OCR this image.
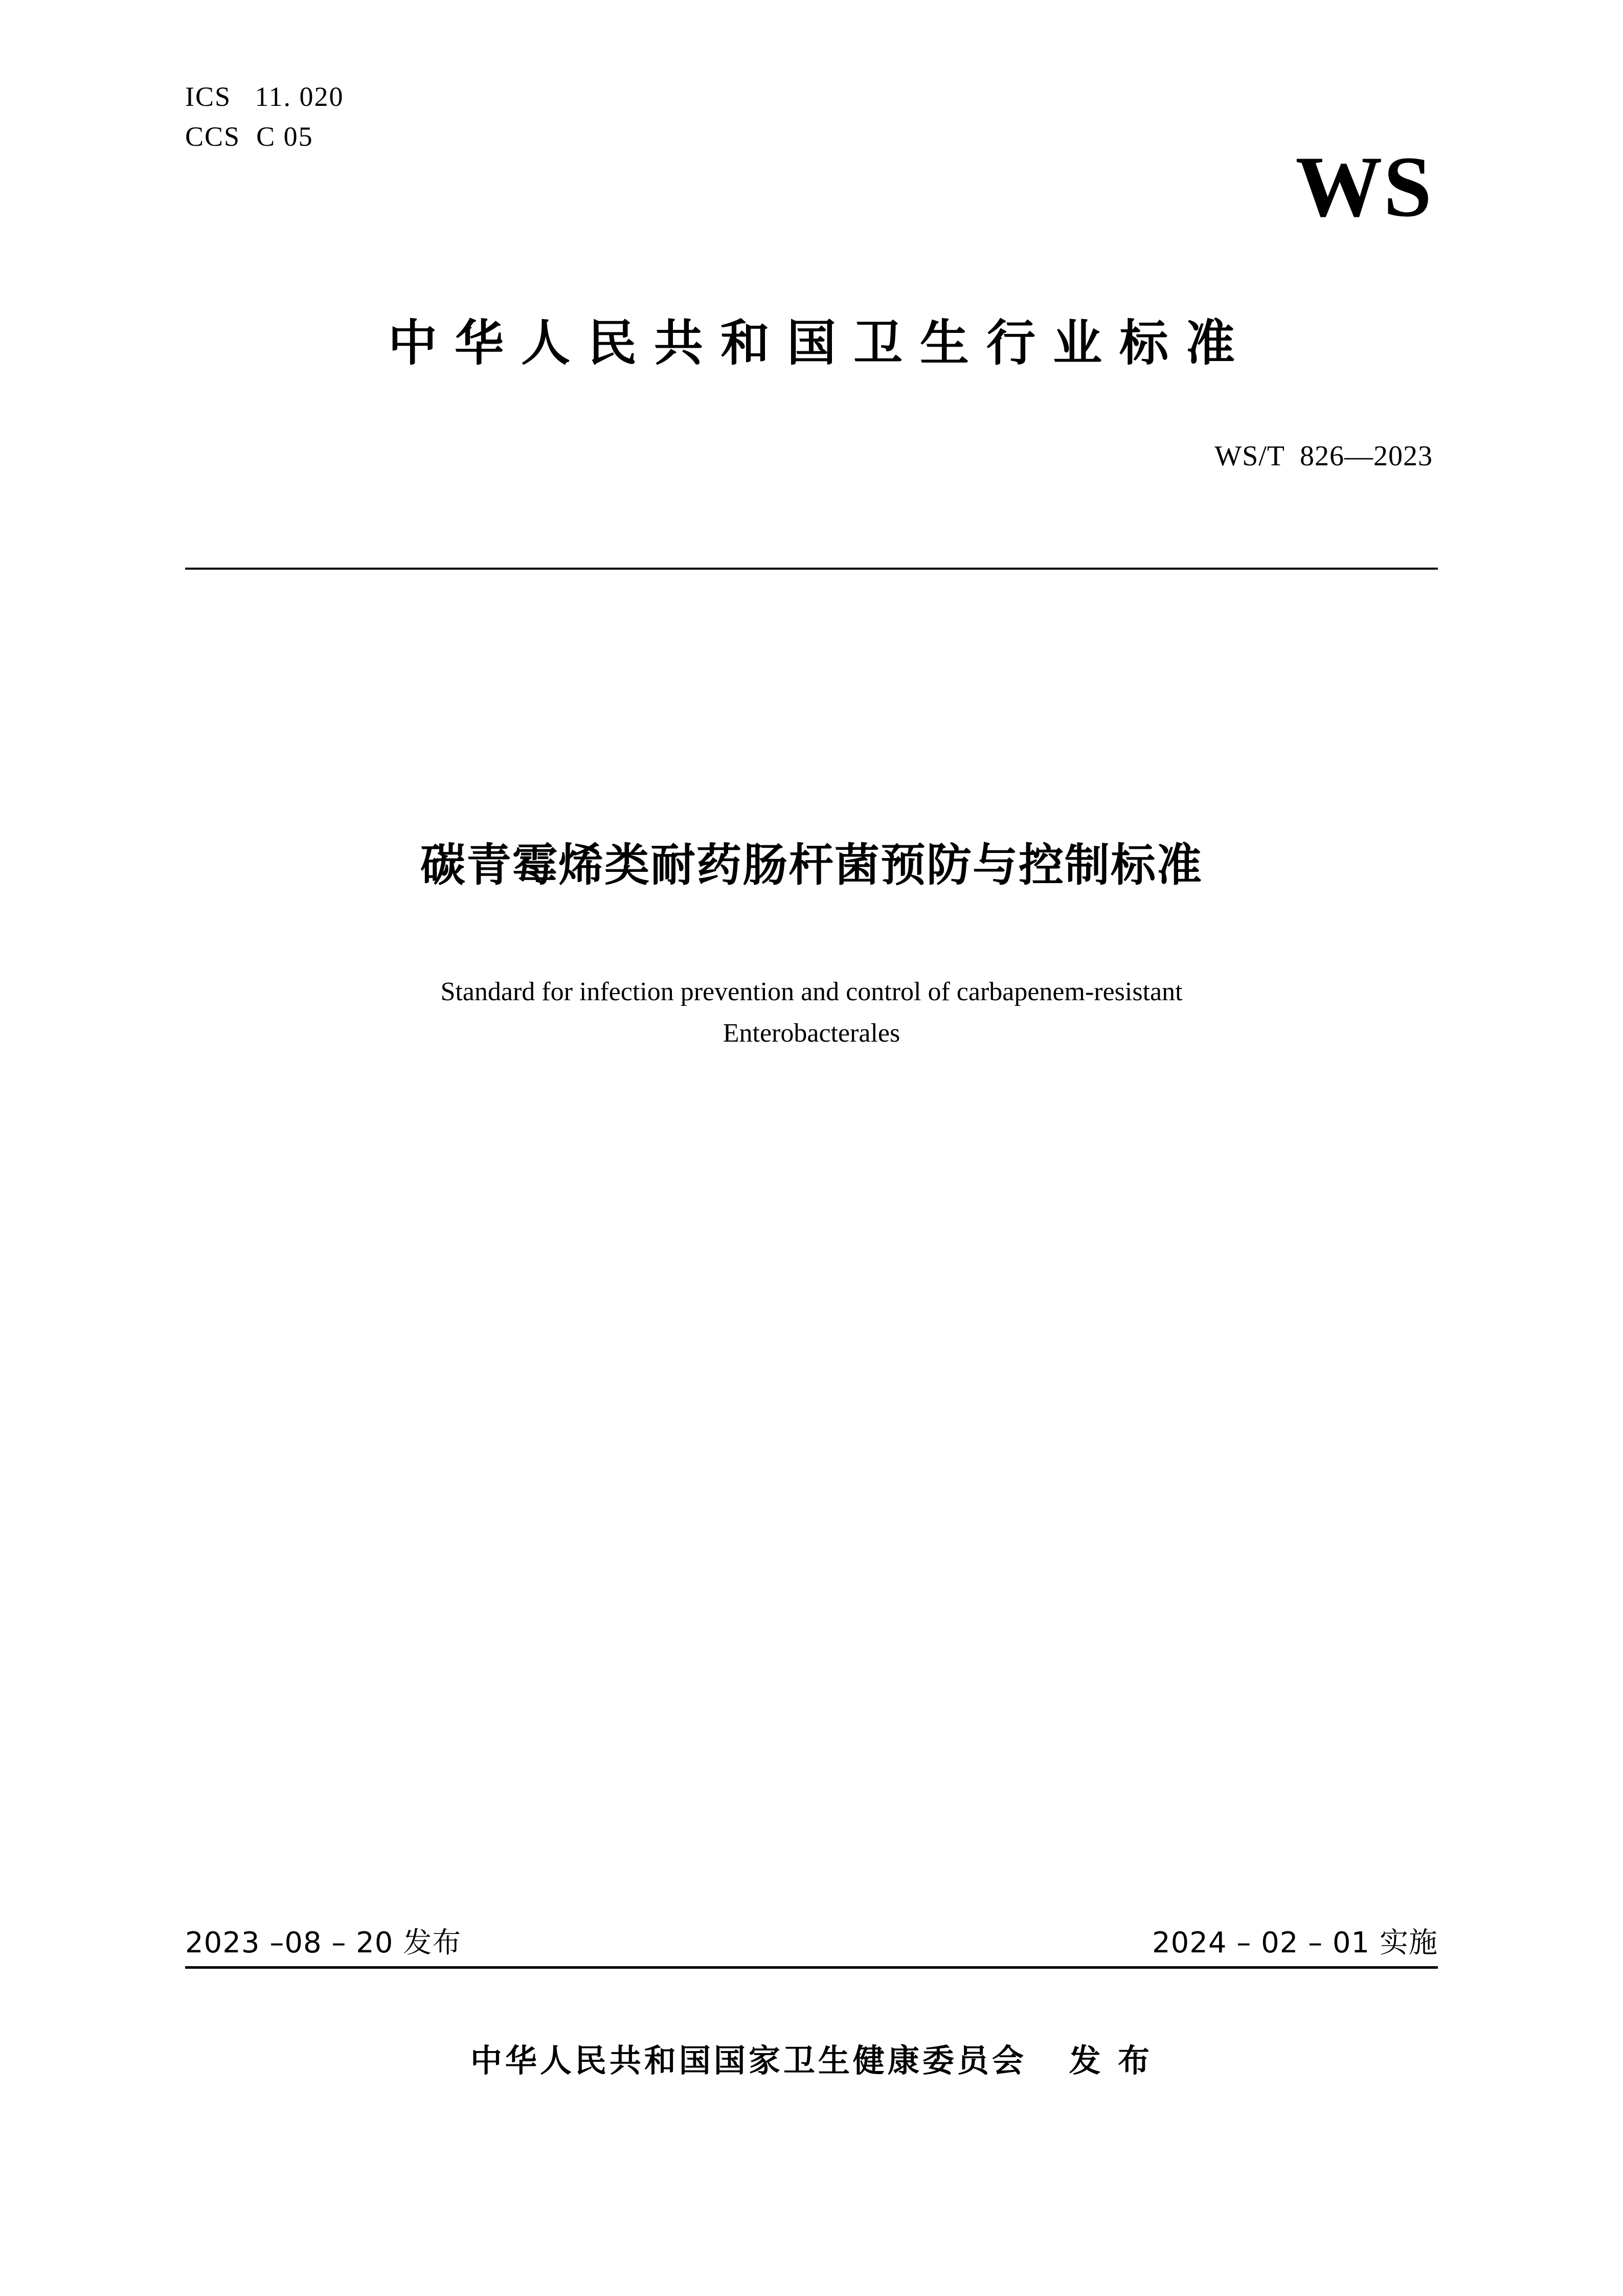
ICS   11. 020
CCS  C 05
WS
中华人民共和国卫生行业标准
WS/T  826—2023
碳青霉烯类耐药肠杆菌预防与控制标准
Standard for infection prevention and control of carbapenem-resistant
Enterobacterales
2023 –08 – 20 发布	2024 – 02 – 01 实施
中华人民共和国国家卫生健康委员会   发 布
